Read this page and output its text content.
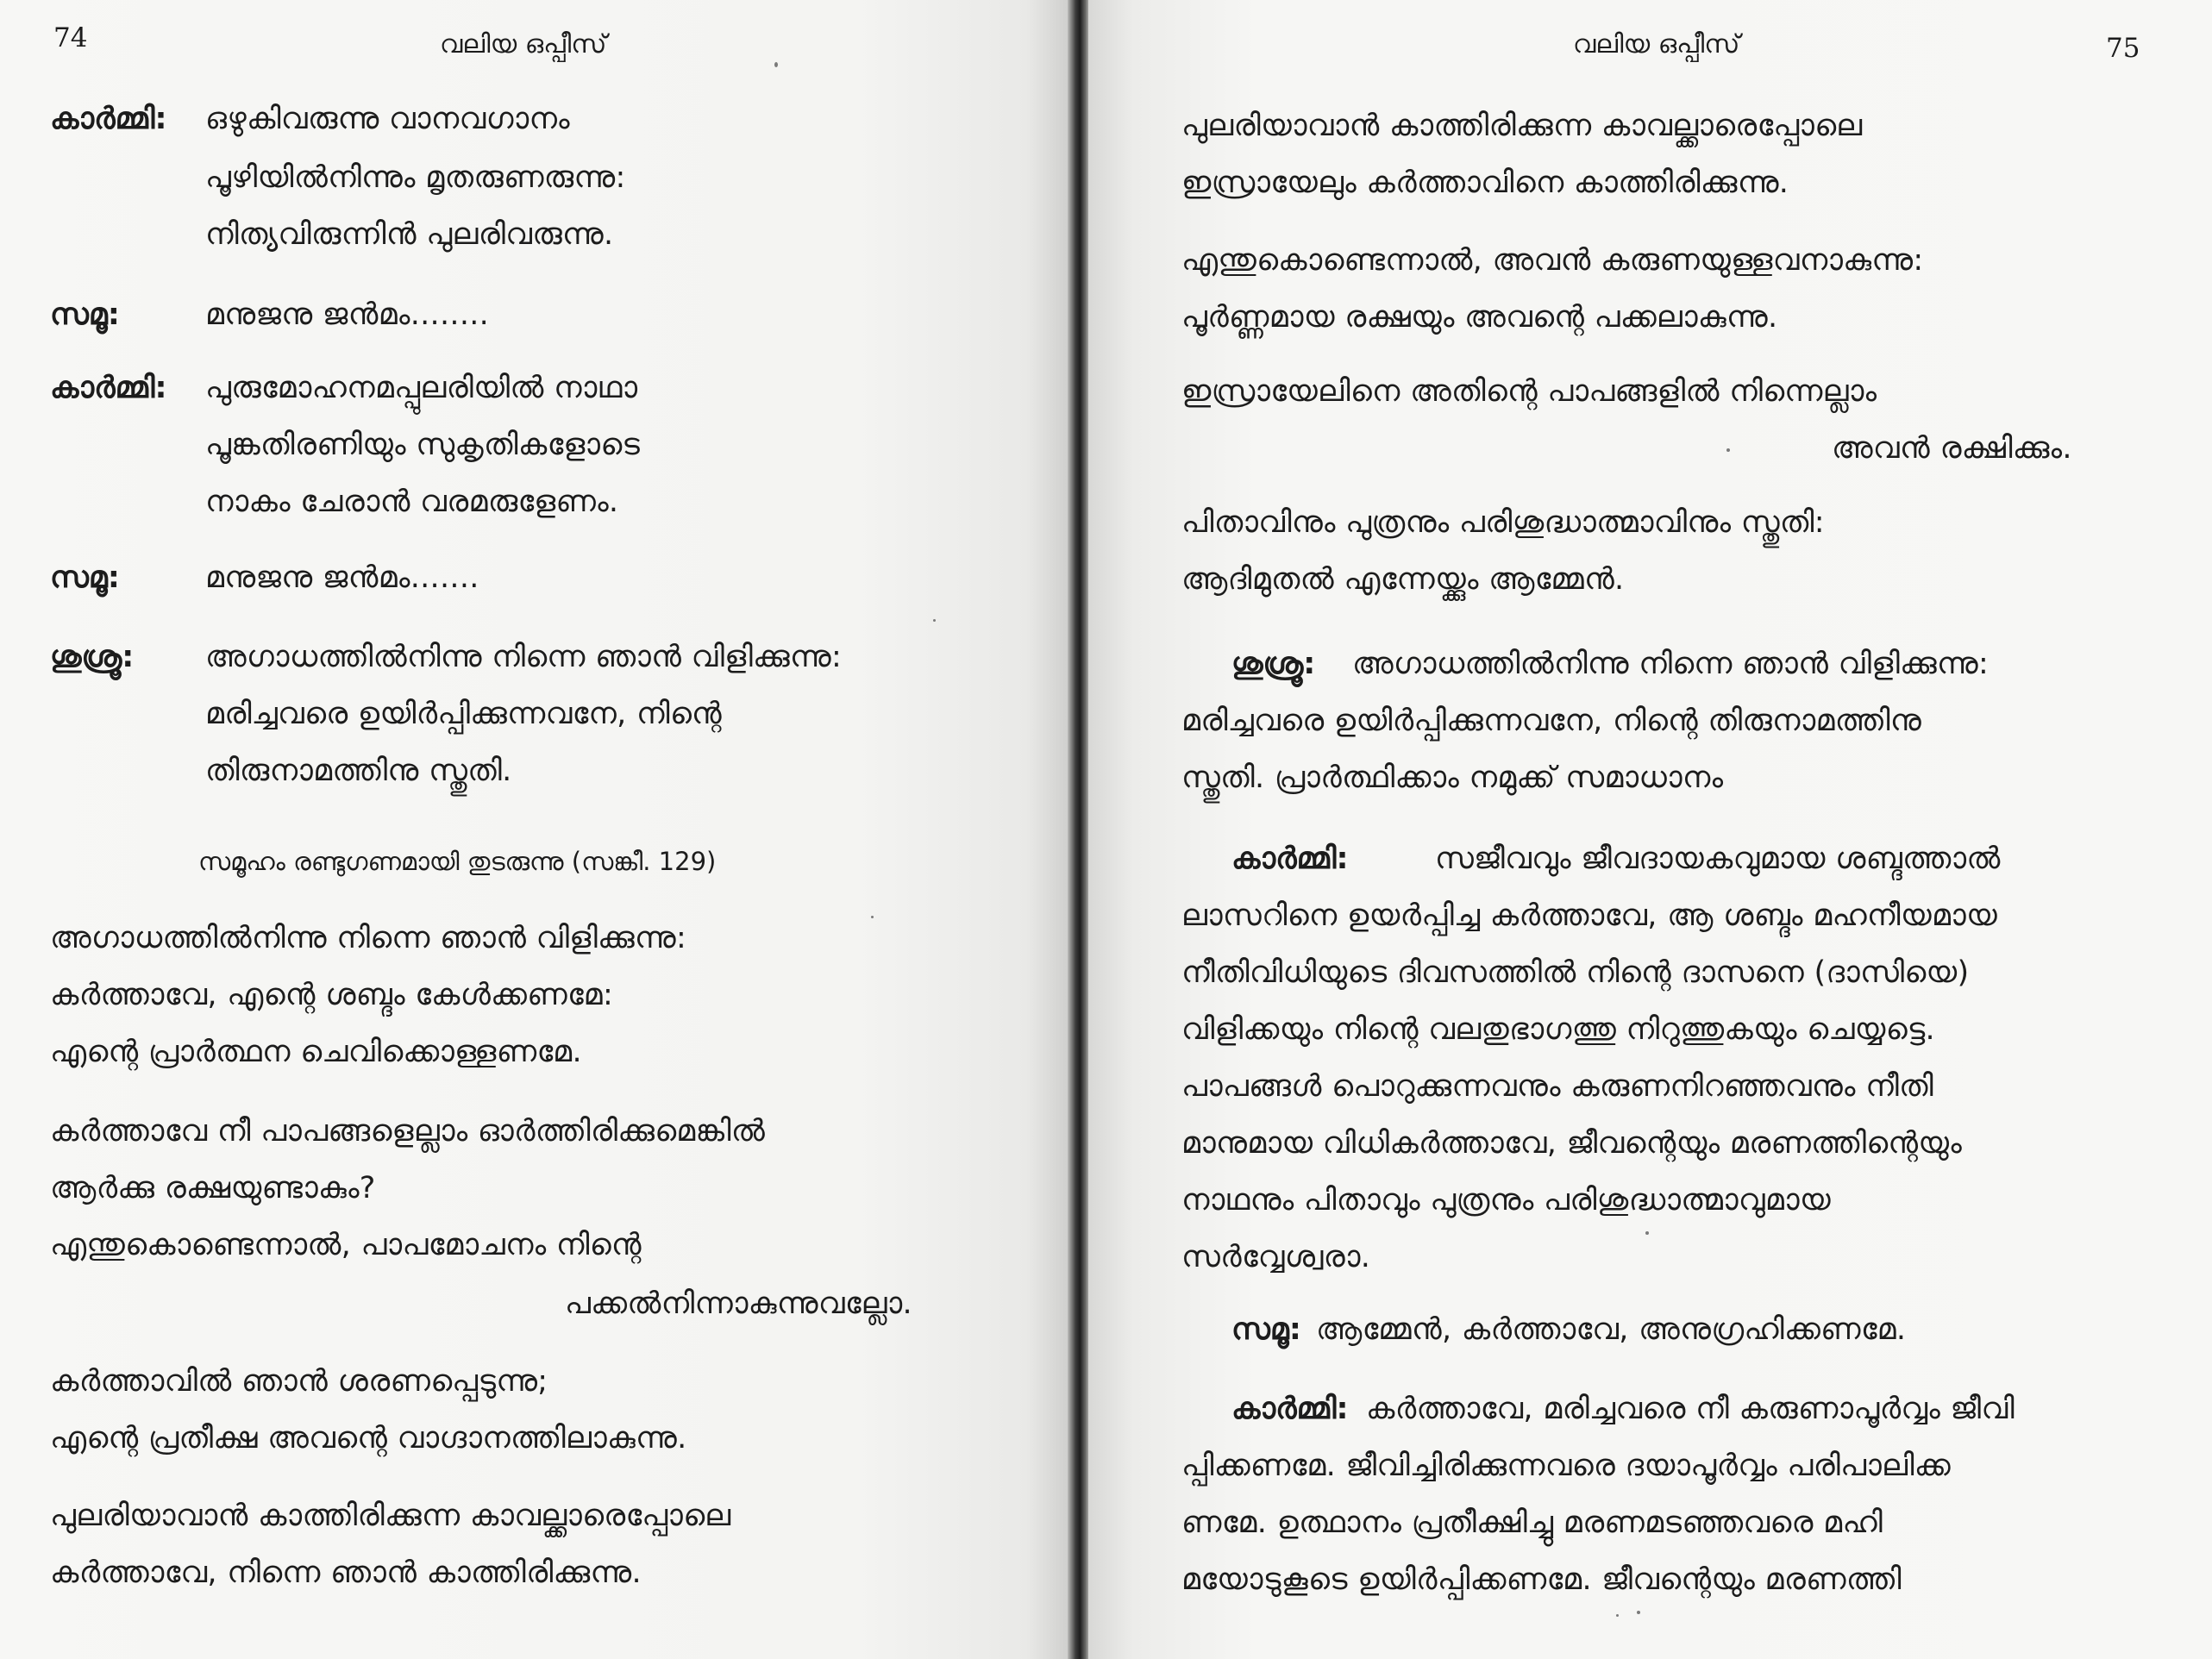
74	വലിയ ഒപ്പീസ്
കാർമ്മി: ഒഴുകിവരുന്നു വാനവഗാനം
പൂഴിയിൽനിന്നും മൃതരുണരുന്നു:
നിത്യവിരുന്നിൻ പുലരിവരുന്നു.
സമൂ:	മനുജനു ജൻമം........
കാർമ്മി: പുരുമോഹനമപ്പുലരിയിൽ നാഥാ
പൂങ്കതിരണിയും സുകൃതികളോടെ
നാകം ചേരാൻ വരമരുളേണം.
സമൂ:	മനുജനു ജൻമം.......
ശുശ്രൂ: അഗാധത്തിൽനിന്നു നിന്നെ ഞാൻ വിളിക്കുന്നു:
മരിച്ചവരെ ഉയിർപ്പിക്കുന്നവനേ, നിന്റെ
തിരുനാമത്തിനു സ്തുതി.
സമൂഹം രണ്ടുഗണമായി തുടരുന്നു (സങ്കീ. 129)
അഗാധത്തിൽനിന്നു നിന്നെ ഞാൻ വിളിക്കുന്നു:
കർത്താവേ, എന്റെ ശബ്ദം കേൾക്കണമേ:
എന്റെ പ്രാർത്ഥന ചെവിക്കൊള്ളണമേ.
കർത്താവേ നീ പാപങ്ങളെല്ലാം ഓർത്തിരിക്കുമെങ്കിൽ
ആർക്കു രക്ഷയുണ്ടാകും?
എന്തുകൊണ്ടെന്നാൽ, പാപമോചനം നിന്റെ
പക്കൽനിന്നാകുന്നുവല്ലോ.
കർത്താവിൽ ഞാൻ ശരണപ്പെടുന്നു;
എന്റെ പ്രതീക്ഷ അവന്റെ വാഗ്ദാനത്തിലാകുന്നു.
പുലരിയാവാൻ കാത്തിരിക്കുന്ന കാവല്ക്കാരെപ്പോലെ
കർത്താവേ, നിന്നെ ഞാൻ കാത്തിരിക്കുന്നു.
വലിയ ഒപ്പീസ്	75
പുലരിയാവാൻ കാത്തിരിക്കുന്ന കാവല്ക്കാരെപ്പോലെ
ഇസ്രായേലും കർത്താവിനെ കാത്തിരിക്കുന്നു.
എന്തുകൊണ്ടെന്നാൽ, അവൻ കരുണയുള്ളവനാകുന്നു:
പൂർണ്ണമായ രക്ഷയും അവന്റെ പക്കലാകുന്നു.
ഇസ്രായേലിനെ അതിന്റെ പാപങ്ങളിൽ നിന്നെല്ലാം
അവൻ രക്ഷിക്കും.
പിതാവിനും പുത്രനും പരിശുദ്ധാത്മാവിനും സ്തുതി:
ആദിമുതൽ എന്നേയ്ക്കും ആമ്മേൻ.
ശുശ്രൂ: അഗാധത്തിൽനിന്നു നിന്നെ ഞാൻ വിളിക്കുന്നു:
മരിച്ചവരെ ഉയിർപ്പിക്കുന്നവനേ, നിന്റെ തിരുനാമത്തിനു
സ്തുതി. പ്രാർത്ഥിക്കാം നമുക്ക് സമാധാനം
കാർമ്മി:	സജീവവും ജീവദായകവുമായ ശബ്ദത്താൽ
ലാസറിനെ ഉയർപ്പിച്ച കർത്താവേ, ആ ശബ്ദം മഹനീയമായ
നീതിവിധിയുടെ ദിവസത്തിൽ നിന്റെ ദാസനെ (ദാസിയെ)
വിളിക്കയും നിന്റെ വലതുഭാഗത്തു നിറുത്തുകയും ചെയ്യട്ടെ.
പാപങ്ങൾ പൊറുക്കുന്നവനും കരുണനിറഞ്ഞവനും നീതി
മാനുമായ വിധികർത്താവേ, ജീവന്റെയും മരണത്തിന്റെയും
നാഥനും പിതാവും പുത്രനും പരിശുദ്ധാത്മാവുമായ
സർവ്വേശ്വരാ.
സമൂ: ആമ്മേൻ, കർത്താവേ, അനുഗ്രഹിക്കണമേ.
കാർമ്മി: കർത്താവേ, മരിച്ചവരെ നീ കരുണാപൂർവ്വം ജീവി
പ്പിക്കണമേ. ജീവിച്ചിരിക്കുന്നവരെ ദയാപൂർവ്വം പരിപാലിക്ക
ണമേ. ഉത്ഥാനം പ്രതീക്ഷിച്ചു മരണമടഞ്ഞവരെ മഹി
മയോടുകൂടെ ഉയിർപ്പിക്കണമേ. ജീവന്റെയും മരണത്തി
